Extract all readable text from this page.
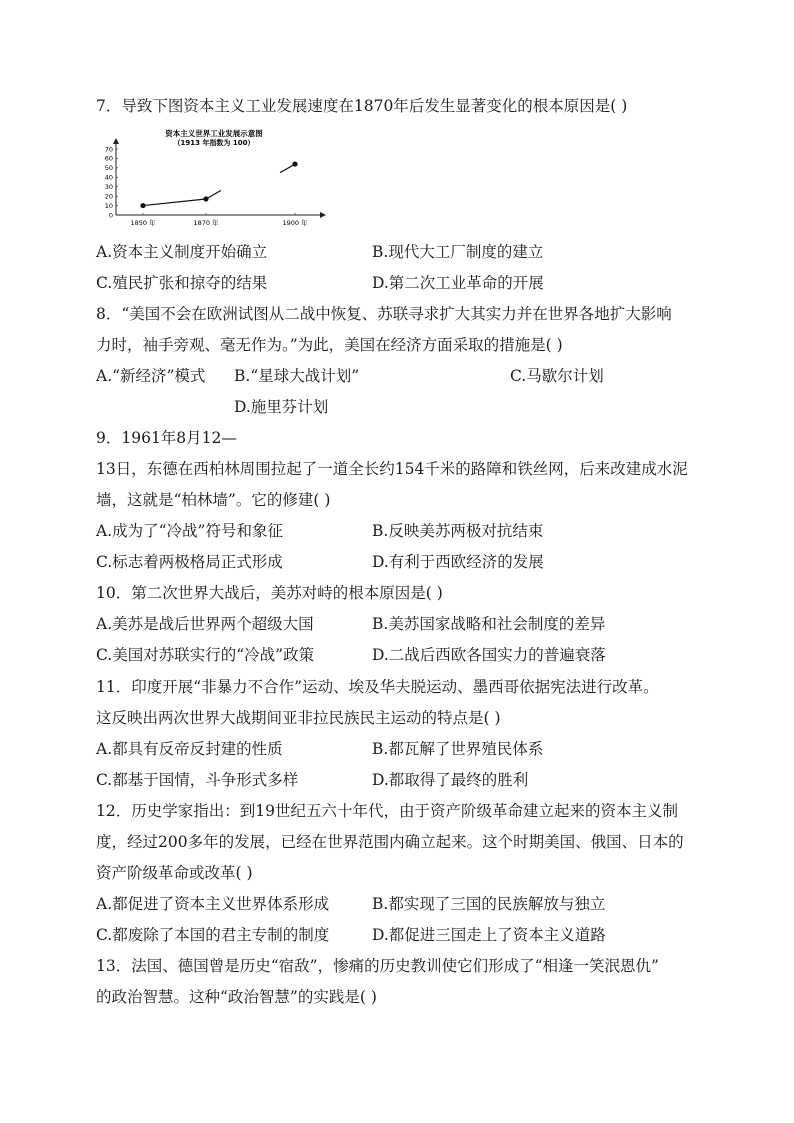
7．导致下图资本主义工业发展速度在1870年后发生显著变化的根本原因是( )
资本主义世界工业发展示意图
（1913 年指数为 100）
0
10
20
30
40
50
60
70
1850 年	1870 年	1900 年
A.资本主义制度开始确立	B.现代大工厂制度的建立
C.殖民扩张和掠夺的结果	D.第二次工业革命的开展
8．“美国不会在欧洲试图从二战中恢复、苏联寻求扩大其实力并在世界各地扩大影响
力时，袖手旁观、毫无作为。”为此，美国在经济方面采取的措施是( )
A.“新经济”模式 B.“星球大战计划”	C.马歇尔计划
D.施里芬计划
9．1961年8月12—
13日，东德在西柏林周围拉起了一道全长约154千米的路障和铁丝网，后来改建成水泥
墙，这就是“柏林墙”。它的修建( )
A.成为了“冷战”符号和象征	B.反映美苏两极对抗结束
C.标志着两极格局正式形成	D.有利于西欧经济的发展
10．第二次世界大战后，美苏对峙的根本原因是( )
A.美苏是战后世界两个超级大国	B.美苏国家战略和社会制度的差异
C.美国对苏联实行的“冷战”政策	D.二战后西欧各国实力的普遍衰落
11．印度开展“非暴力不合作”运动、埃及华夫脱运动、墨西哥依据宪法进行改革。
这反映出两次世界大战期间亚非拉民族民主运动的特点是( )
A.都具有反帝反封建的性质	B.都瓦解了世界殖民体系
C.都基于国情，斗争形式多样	D.都取得了最终的胜利
12．历史学家指出：到19世纪五六十年代，由于资产阶级革命建立起来的资本主义制
度，经过200多年的发展，已经在世界范围内确立起来。这个时期美国、俄国、日本的
资产阶级革命或改革( )
A.都促进了资本主义世界体系形成	B.都实现了三国的民族解放与独立
C.都废除了本国的君主专制的制度	D.都促进三国走上了资本主义道路
13．法国、德国曾是历史“宿敌”，惨痛的历史教训使它们形成了“相逢一笑泯恩仇”
的政治智慧。这种“政治智慧”的实践是( )
